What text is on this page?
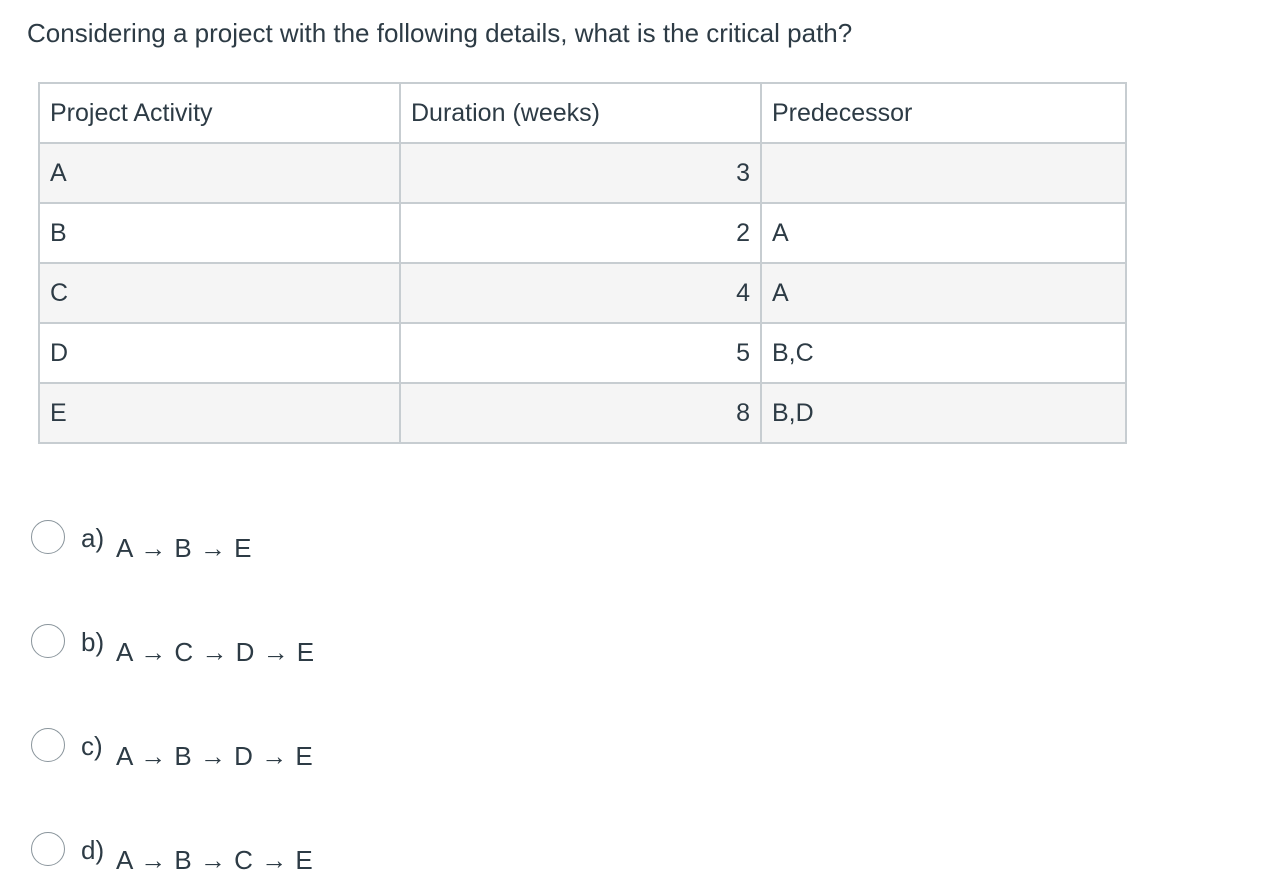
Considering a project with the following details, what is the critical path?
Project Activity	Duration (weeks)	Predecessor
A	3	
B	2	A
C	4	A
D	5	B,C
E	8	B,D
a) A → B → E
b) A → C → D → E
c) A → B → D → E
d) A → B → C → E
